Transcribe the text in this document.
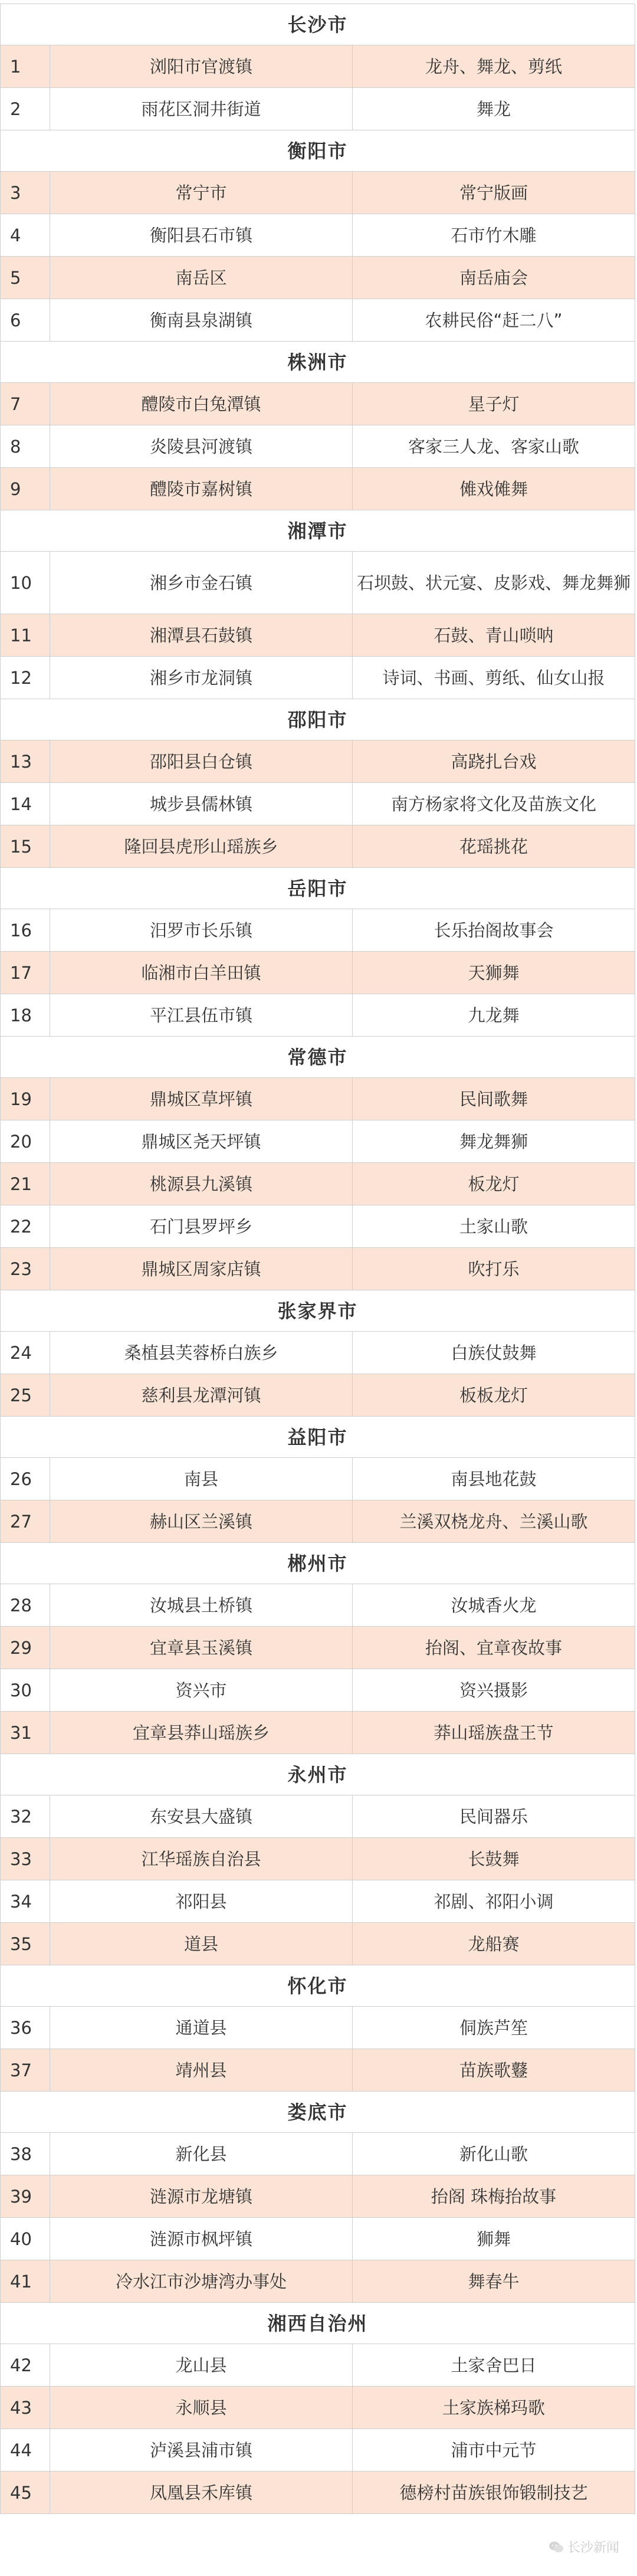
长沙市		
1	浏阳市官渡镇	龙舟、舞龙、剪纸
2	雨花区洞井街道	舞龙
衡阳市		
3	常宁市	常宁版画
4	衡阳县石市镇	石市竹木雕
5	南岳区	南岳庙会
6	衡南县泉湖镇	农耕民俗“赶二八”
株洲市		
7	醴陵市白兔潭镇	星子灯
8	炎陵县河渡镇	客家三人龙、客家山歌
9	醴陵市嘉树镇	傩戏傩舞
湘潭市		
10	湘乡市金石镇	石坝鼓、状元宴、皮影戏、舞龙舞狮
11	湘潭县石鼓镇	石鼓、青山唢呐
12	湘乡市龙洞镇	诗词、书画、剪纸、仙女山报
邵阳市		
13	邵阳县白仓镇	高跷扎台戏
14	城步县儒林镇	南方杨家将文化及苗族文化
15	隆回县虎形山瑶族乡	花瑶挑花
岳阳市		
16	汨罗市长乐镇	长乐抬阁故事会
17	临湘市白羊田镇	天狮舞
18	平江县伍市镇	九龙舞
常德市		
19	鼎城区草坪镇	民间歌舞
20	鼎城区尧天坪镇	舞龙舞狮
21	桃源县九溪镇	板龙灯
22	石门县罗坪乡	土家山歌
23	鼎城区周家店镇	吹打乐
张家界市		
24	桑植县芙蓉桥白族乡	白族仗鼓舞
25	慈利县龙潭河镇	板板龙灯
益阳市		
26	南县	南县地花鼓
27	赫山区兰溪镇	兰溪双桡龙舟、兰溪山歌
郴州市		
28	汝城县土桥镇	汝城香火龙
29	宜章县玉溪镇	抬阁、宜章夜故事
30	资兴市	资兴摄影
31	宜章县莽山瑶族乡	莽山瑶族盘王节
永州市		
32	东安县大盛镇	民间器乐
33	江华瑶族自治县	长鼓舞
34	祁阳县	祁剧、祁阳小调
35	道县	龙船赛
怀化市		
36	通道县	侗族芦笙
37	靖州县	苗族歌鼟
娄底市		
38	新化县	新化山歌
39	涟源市龙塘镇	抬阁 珠梅抬故事
40	涟源市枫坪镇	狮舞
41	冷水江市沙塘湾办事处	舞春牛
湘西自治州		
42	龙山县	土家舍巴日
43	永顺县	土家族梯玛歌
44	泸溪县浦市镇	浦市中元节
45	凤凰县禾库镇	德榜村苗族银饰锻制技艺
长沙新闻
